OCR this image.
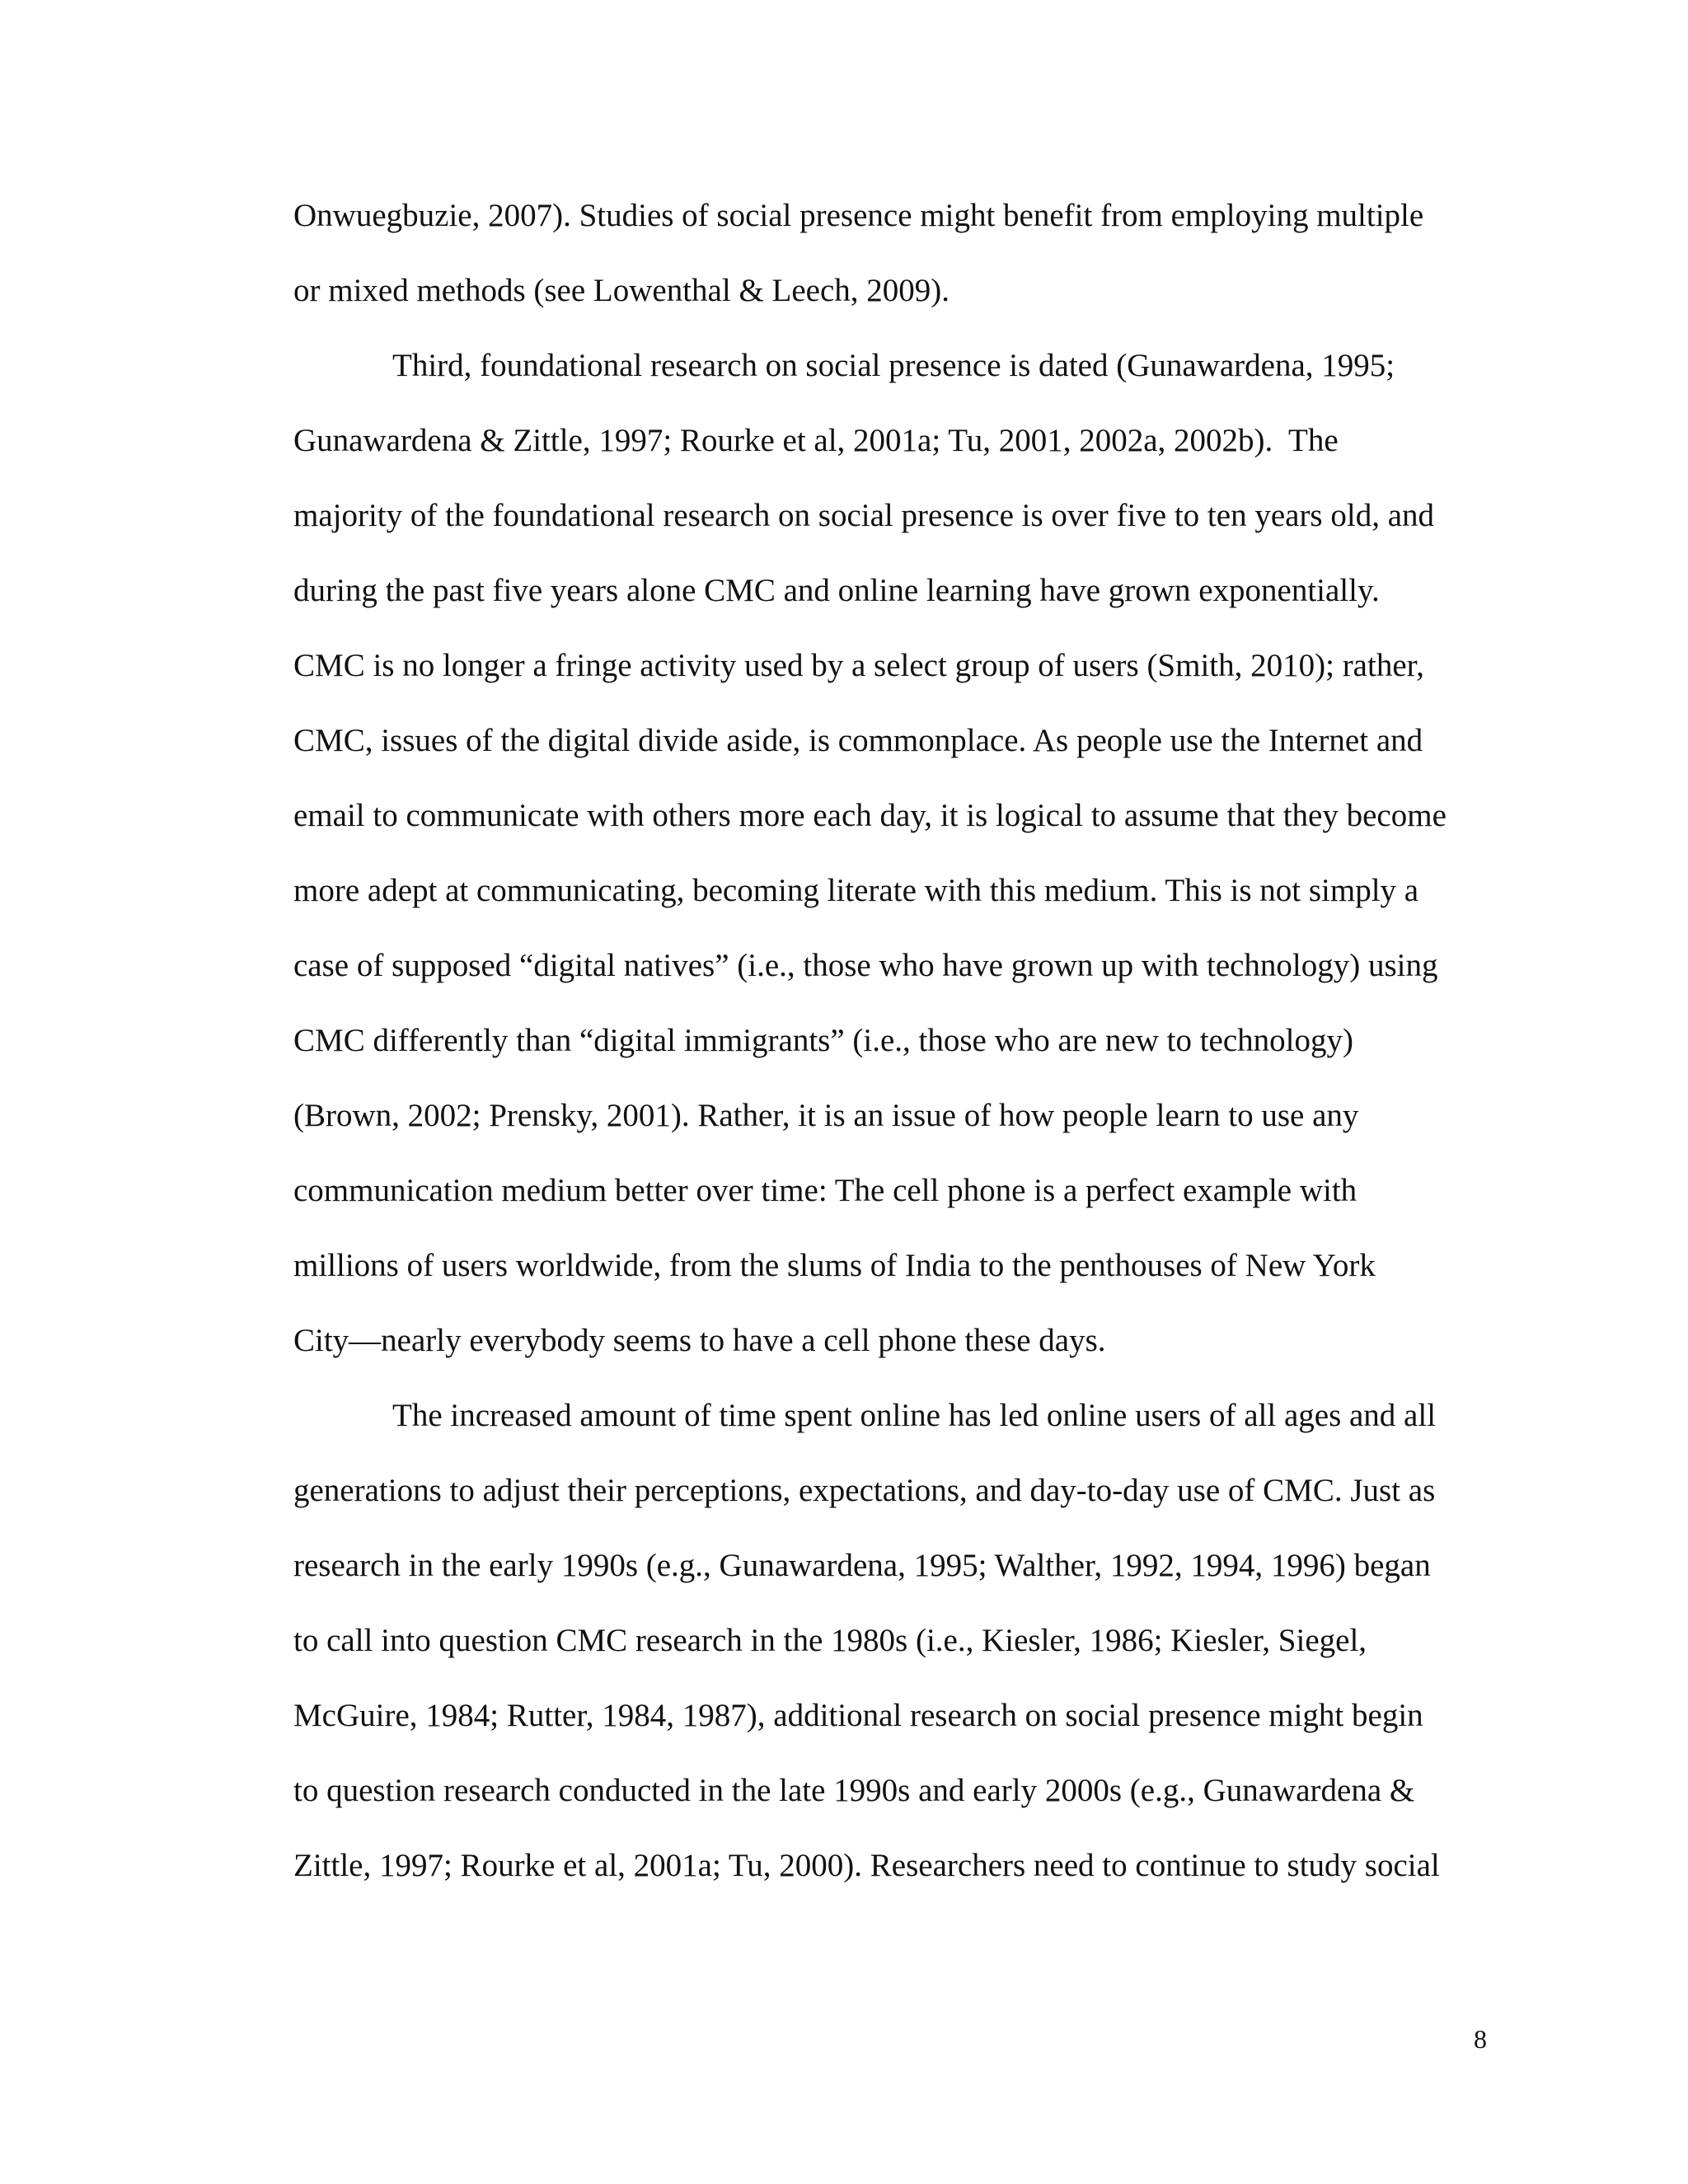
Onwuegbuzie, 2007). Studies of social presence might benefit from employing multiple
or mixed methods (see Lowenthal & Leech, 2009).
Third, foundational research on social presence is dated (Gunawardena, 1995;
Gunawardena & Zittle, 1997; Rourke et al, 2001a; Tu, 2001, 2002a, 2002b).  The
majority of the foundational research on social presence is over five to ten years old, and
during the past five years alone CMC and online learning have grown exponentially.
CMC is no longer a fringe activity used by a select group of users (Smith, 2010); rather,
CMC, issues of the digital divide aside, is commonplace. As people use the Internet and
email to communicate with others more each day, it is logical to assume that they become
more adept at communicating, becoming literate with this medium. This is not simply a
case of supposed “digital natives” (i.e., those who have grown up with technology) using
CMC differently than “digital immigrants” (i.e., those who are new to technology)
(Brown, 2002; Prensky, 2001). Rather, it is an issue of how people learn to use any
communication medium better over time: The cell phone is a perfect example with
millions of users worldwide, from the slums of India to the penthouses of New York
City—nearly everybody seems to have a cell phone these days.
The increased amount of time spent online has led online users of all ages and all
generations to adjust their perceptions, expectations, and day-to-day use of CMC. Just as
research in the early 1990s (e.g., Gunawardena, 1995; Walther, 1992, 1994, 1996) began
to call into question CMC research in the 1980s (i.e., Kiesler, 1986; Kiesler, Siegel,
McGuire, 1984; Rutter, 1984, 1987), additional research on social presence might begin
to question research conducted in the late 1990s and early 2000s (e.g., Gunawardena &
Zittle, 1997; Rourke et al, 2001a; Tu, 2000). Researchers need to continue to study social
8
